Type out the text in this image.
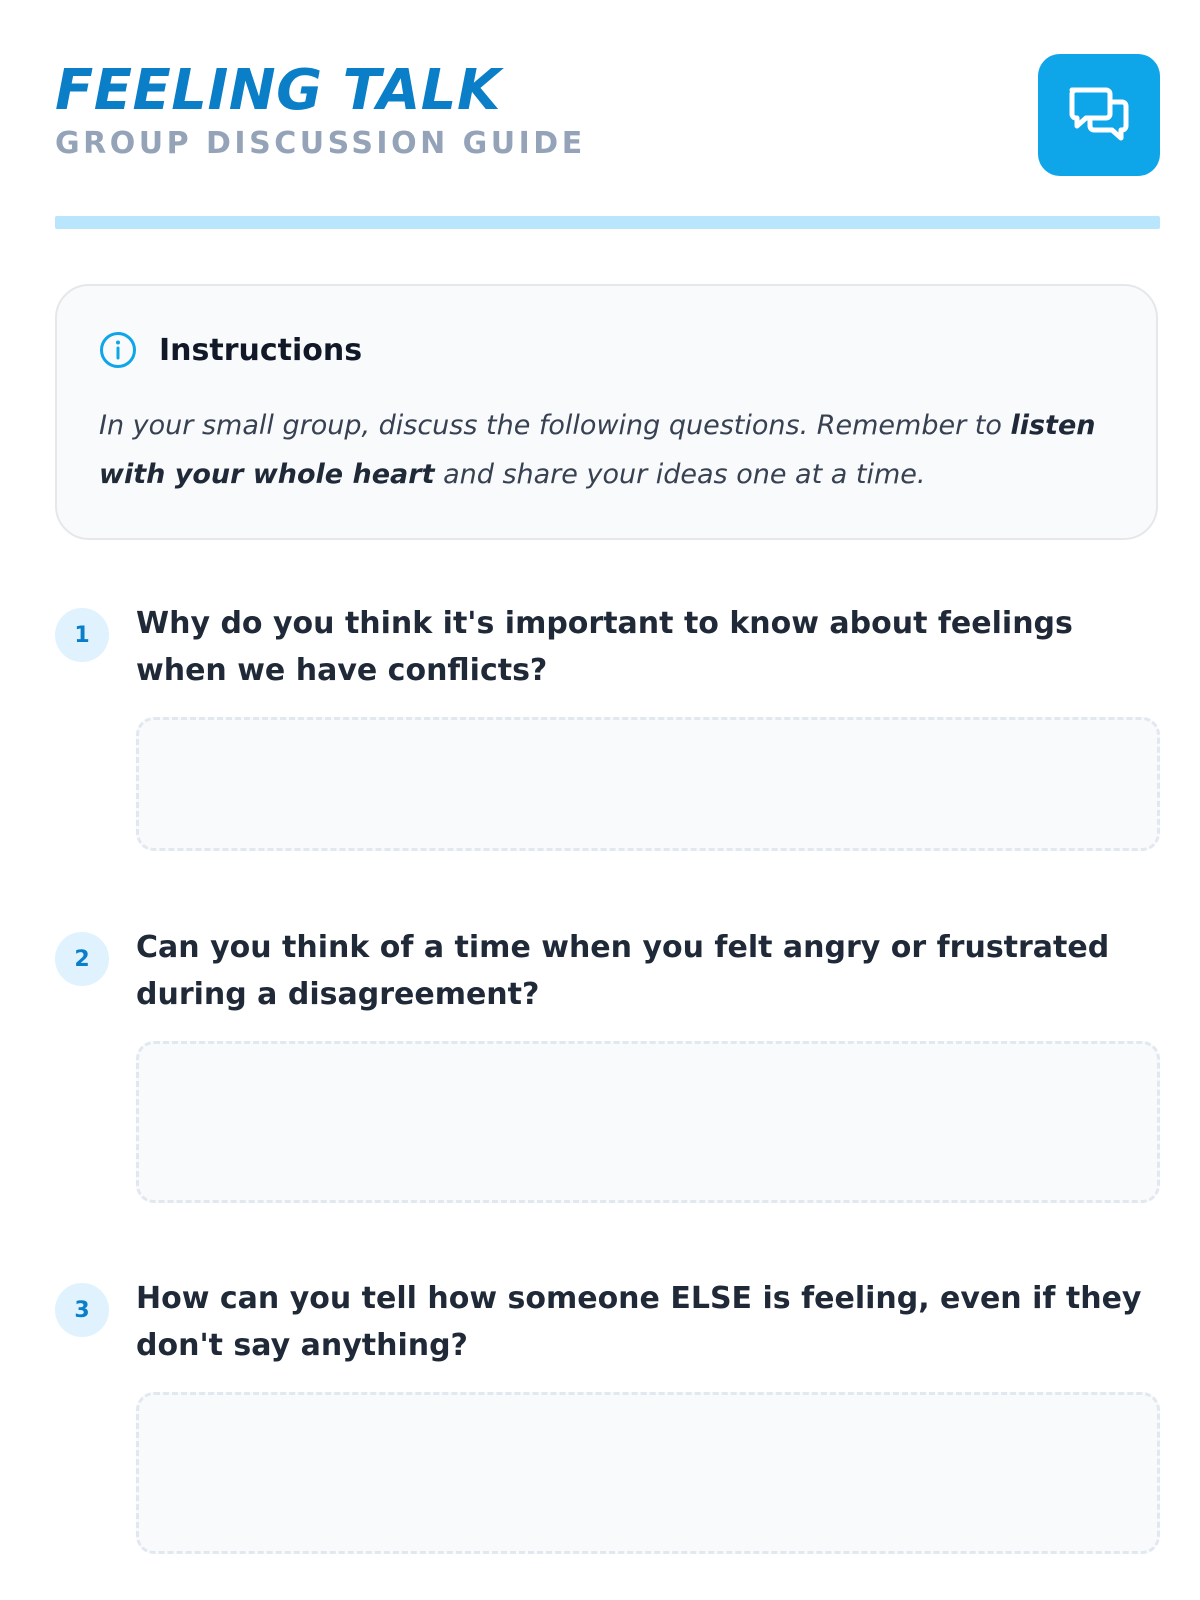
FEELING TALK

GROUP DISCUSSION GUIDE

Instructions

In your small group, discuss the following questions. Remember to listen with your whole heart and share your ideas one at a time.

1	Why do you think it's important to know about feelings when we have conflicts?

2	Can you think of a time when you felt angry or frustrated during a disagreement?

3	How can you tell how someone ELSE is feeling, even if they don't say anything?
